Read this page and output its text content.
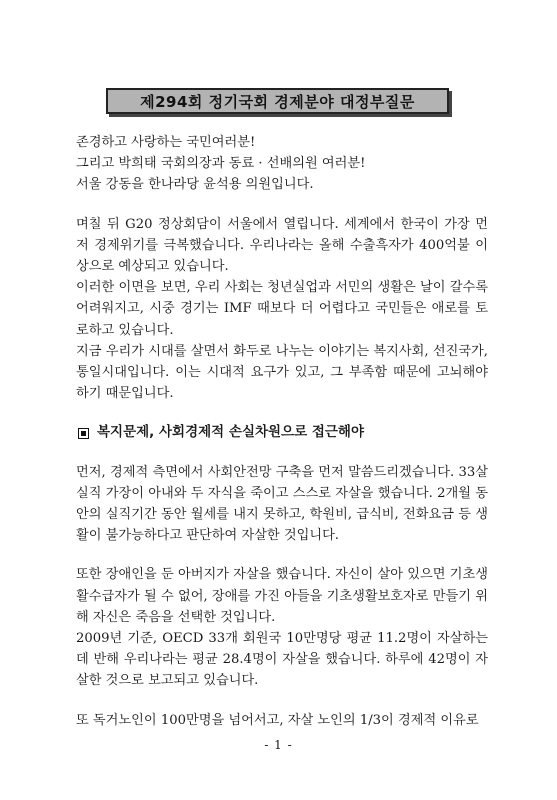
제294회 정기국회 경제분야 대정부질문

존경하고 사랑하는 국민여러분!

그리고 박희태 국회의장과 동료 · 선배의원 여러분!

서울 강동을 한나라당 윤석용 의원입니다.

며칠 뒤 G20 정상회담이 서울에서 열립니다. 세계에서 한국이 가장 먼저 경제위기를 극복했습니다. 우리나라는 올해 수출흑자가 400억불 이상으로 예상되고 있습니다.

이러한 이면을 보면, 우리 사회는 청년실업과 서민의 생활은 날이 갈수록 어려워지고, 시중 경기는 IMF 때보다 더 어렵다고 국민들은 애로를 토로하고 있습니다.

지금 우리가 시대를 살면서 화두로 나누는 이야기는 복지사회, 선진국가, 통일시대입니다. 이는 시대적 요구가 있고, 그 부족함 때문에 고뇌해야 하기 때문입니다.

복지문제, 사회경제적 손실차원으로 접근해야

먼저, 경제적 측면에서 사회안전망 구축을 먼저 말씀드리겠습니다. 33살 실직 가장이 아내와 두 자식을 죽이고 스스로 자살을 했습니다. 2개월 동안의 실직기간 동안 월세를 내지 못하고, 학원비, 급식비, 전화요금 등 생활이 불가능하다고 판단하여 자살한 것입니다.

또한 장애인을 둔 아버지가 자살을 했습니다. 자신이 살아 있으면 기초생활수급자가 될 수 없어, 장애를 가진 아들을 기초생활보호자로 만들기 위해 자신은 죽음을 선택한 것입니다.

2009년 기준, OECD 33개 회원국 10만명당 평균 11.2명이 자살하는데 반해 우리나라는 평균 28.4명이 자살을 했습니다. 하루에 42명이 자살한 것으로 보고되고 있습니다.

또 독거노인이 100만명을 넘어서고, 자살 노인의 1/3이 경제적 이유로

- 1 -
